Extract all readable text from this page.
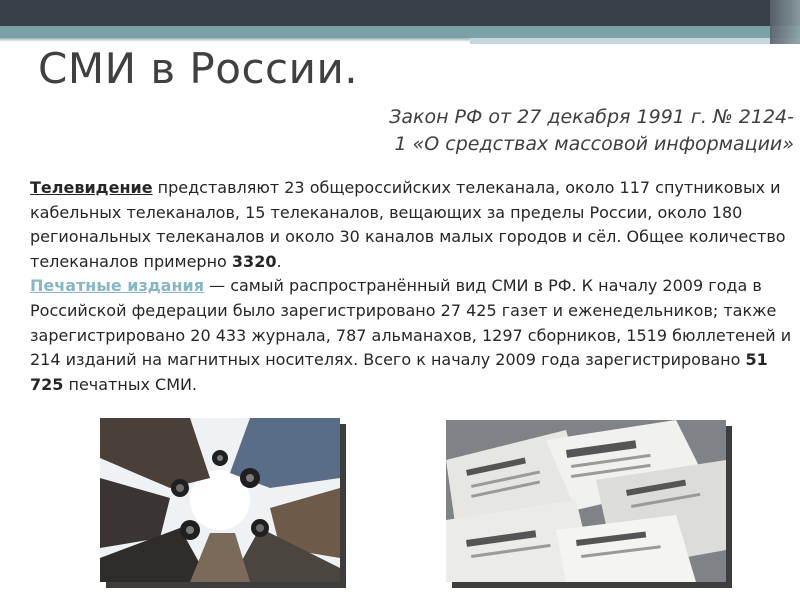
СМИ в России.
Закон РФ от 27 декабря 1991 г. № 2124-1 «О средствах массовой информации»

Телевидение представляют 23 общероссийских телеканала, около 117 спутниковых и кабельных телеканалов, 15 телеканалов, вещающих за пределы России, около 180 региональных телеканалов и около 30 каналов малых городов и сёл. Общее количество телеканалов примерно 3320.

Печатные издания — самый распространённый вид СМИ в РФ. К началу 2009 года в Российской федерации было зарегистрировано 27 425 газет и еженедельников; также зарегистрировано 20 433 журнала, 787 альманахов, 1297 сборников, 1519 бюллетеней и 214 изданий на магнитных носителях. Всего к началу 2009 года зарегистрировано 51 725 печатных СМИ.
